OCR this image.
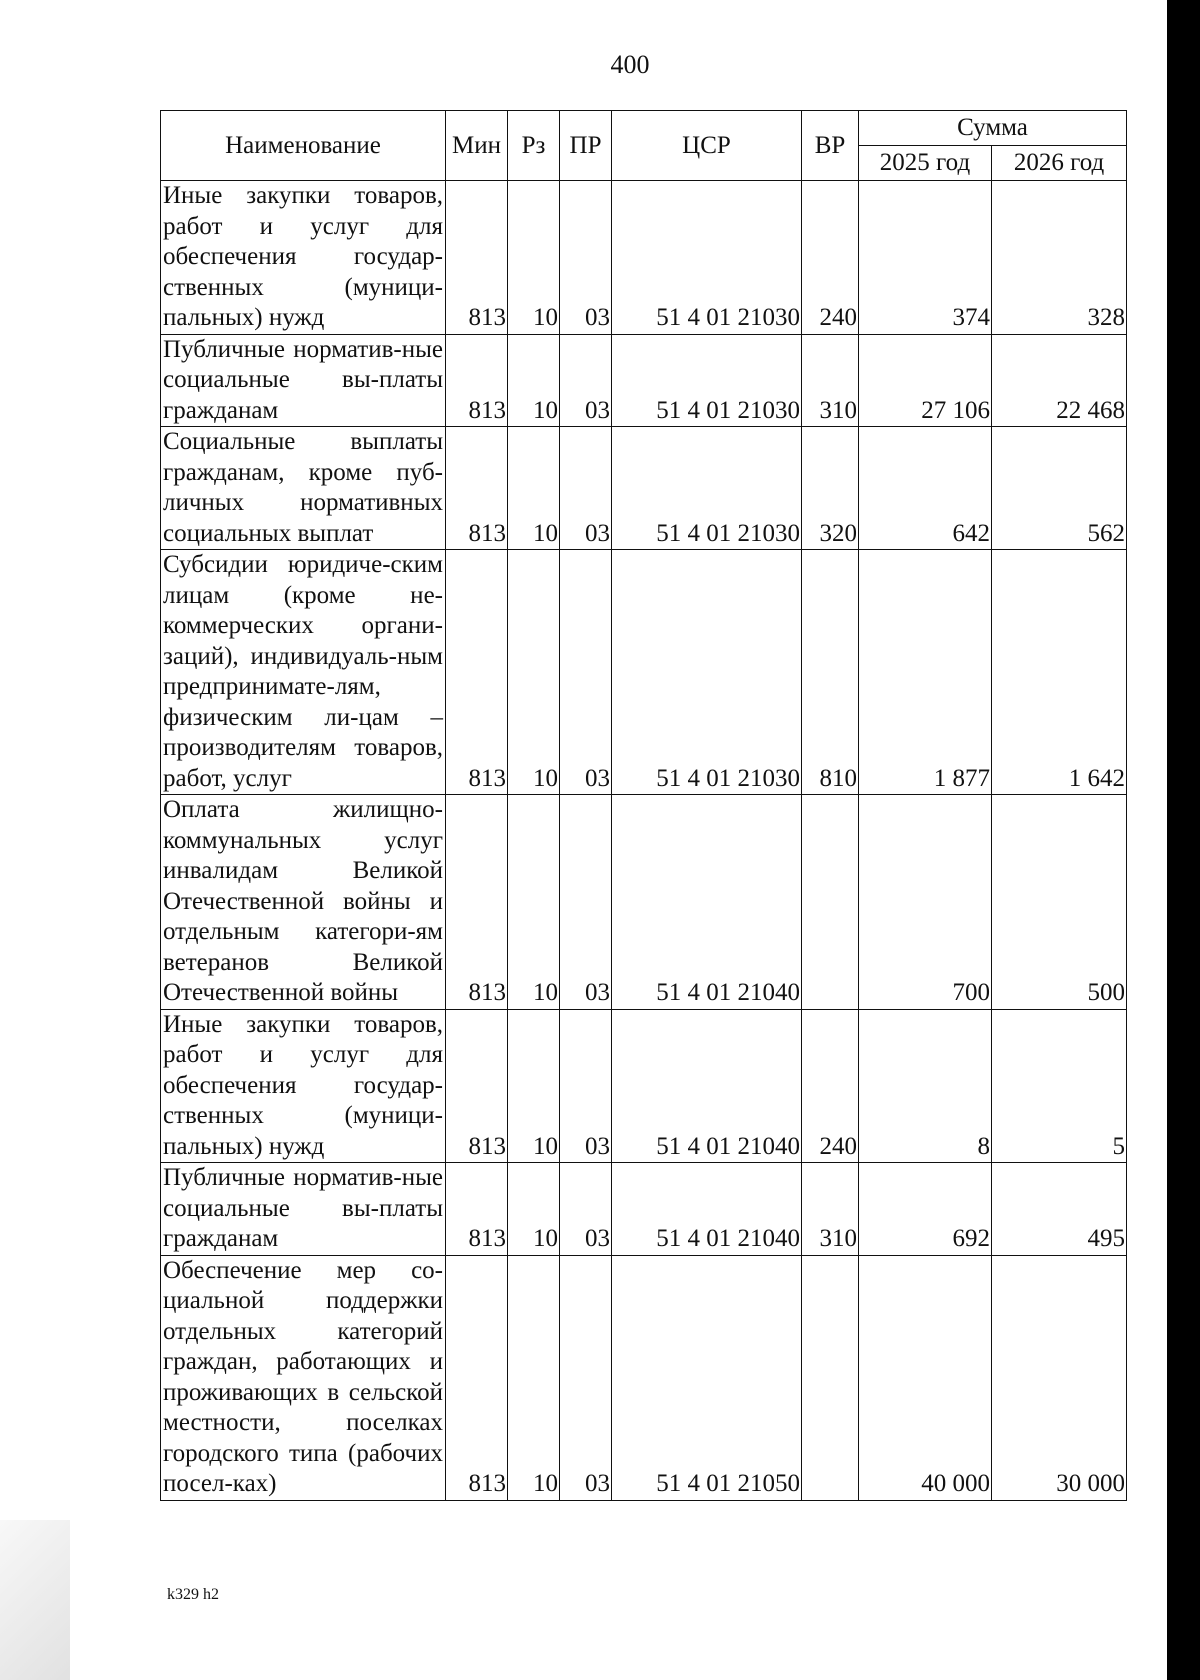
400
Наименование	Мин	Рз	ПР	ЦСР	ВР	Сумма	
						2025 год	2026 год
Иные закупки товаров, работ и услуг для обеспечения государ-ственных (муници-пальных) нужд	813	10	03	51 4 01 21030	240	374	328
Публичные норматив-ные социальные вы-платы гражданам	813	10	03	51 4 01 21030	310	27 106	22 468
Социальные выплаты гражданам, кроме пуб-личных нормативных социальных выплат	813	10	03	51 4 01 21030	320	642	562
Субсидии юридиче-ским лицам (кроме не-коммерческих органи-заций), индивидуаль-ным предпринимате-лям, физическим ли-цам – производителям товаров, работ, услуг	813	10	03	51 4 01 21030	810	1 877	1 642
Оплата жилищно-коммунальных услуг инвалидам Великой Отечественной войны и отдельным категори-ям ветеранов Великой Отечественной войны	813	10	03	51 4 01 21040		700	500
Иные закупки товаров, работ и услуг для обеспечения государ-ственных (муници-пальных) нужд	813	10	03	51 4 01 21040	240	8	5
Публичные норматив-ные социальные вы-платы гражданам	813	10	03	51 4 01 21040	310	692	495
Обеспечение мер со-циальной поддержки отдельных категорий граждан, работающих и проживающих в сельской местности, поселках городского типа (рабочих посел-ках)	813	10	03	51 4 01 21050		40 000	30 000
k329 h2
